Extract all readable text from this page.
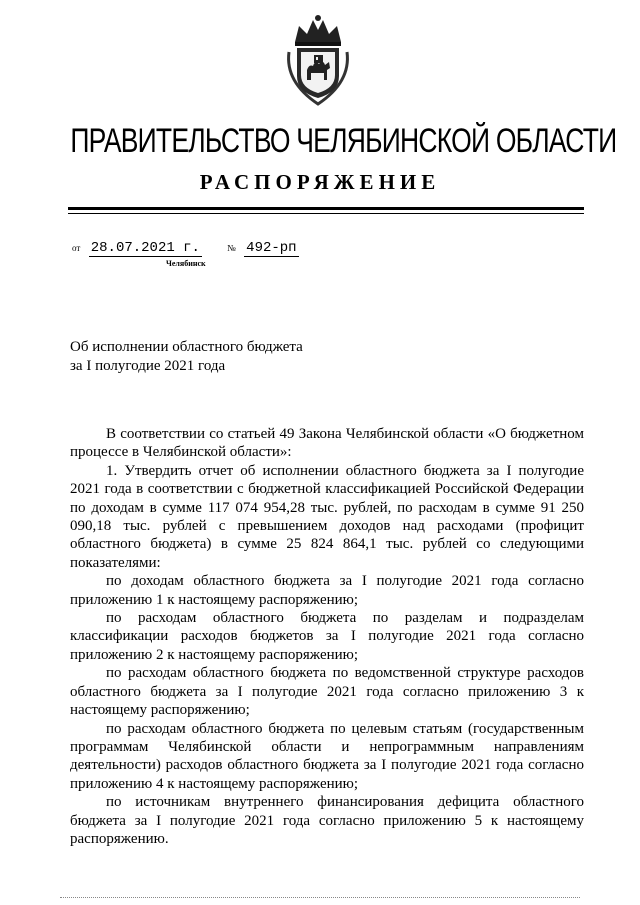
ПРАВИТЕЛЬСТВО ЧЕЛЯБИНСКОЙ ОБЛАСТИ
РАСПОРЯЖЕНИЕ
от 28.07.2021 г.	№ 492-рп
Челябинск
Об исполнении областного бюджета
за I полугодие 2021 года

В соответствии со статьей 49 Закона Челябинской области «О бюджетном процессе в Челябинской области»:

1. Утвердить отчет об исполнении областного бюджета за I полугодие 2021 года в соответствии с бюджетной классификацией Российской Федерации по доходам в сумме 117 074 954,28 тыс. рублей, по расходам в сумме 91 250 090,18 тыс. рублей с превышением доходов над расходами (профицит областного бюджета) в сумме 25 824 864,1 тыс. рублей со следующими показателями:

по доходам областного бюджета за I полугодие 2021 года согласно приложению 1 к настоящему распоряжению;

по расходам областного бюджета по разделам и подразделам классификации расходов бюджетов за I полугодие 2021 года согласно приложению 2 к настоящему распоряжению;

по расходам областного бюджета по ведомственной структуре расходов областного бюджета за I полугодие 2021 года согласно приложению 3 к настоящему распоряжению;

по расходам областного бюджета по целевым статьям (государственным программам Челябинской области и непрограммным направлениям деятельности) расходов областного бюджета за I полугодие 2021 года согласно приложению 4 к настоящему распоряжению;

по источникам внутреннего финансирования дефицита областного бюджета за I полугодие 2021 года согласно приложению 5 к настоящему распоряжению.
